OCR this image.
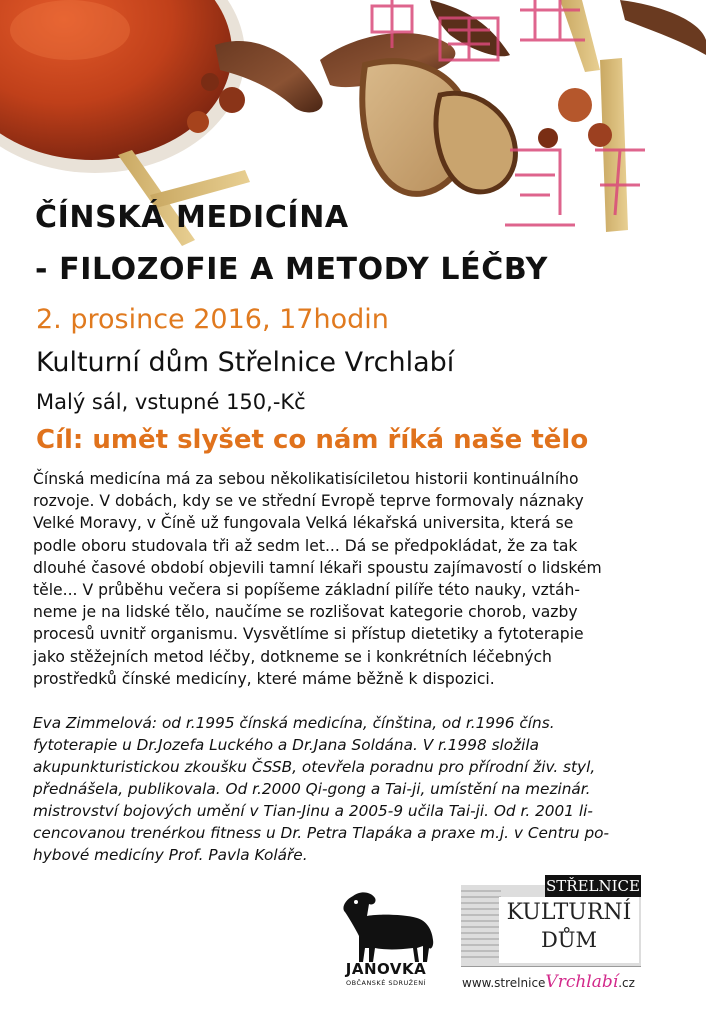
ČÍNSKÁ MEDICÍNA
- FILOZOFIE A METODY LÉČBY
2. prosince 2016, 17hodin
Kulturní dům Střelnice Vrchlabí
Malý sál, vstupné 150,-Kč
Cíl: umět slyšet co nám říká naše tělo

Čínská medicína má za sebou několikatisíciletou historii kontinuálního
rozvoje. V dobách, kdy se ve střední Evropě teprve formovaly náznaky
Velké Moravy, v Číně už fungovala Velká lékařská universita, která se
podle oboru studovala tři až sedm let... Dá se předpokládat, že za tak
dlouhé časové období objevili tamní lékaři spoustu zajímavostí o lidském
těle... V průběhu večera si popíšeme základní pilíře této nauky, vztáh-
neme je na lidské tělo, naučíme se rozlišovat kategorie chorob, vazby
procesů uvnitř organismu. Vysvětlíme si přístup dietetiky a fytoterapie
jako stěžejních metod léčby, dotkneme se i konkrétních léčebných
prostředků čínské medicíny, které máme běžně k dispozici.

Eva Zimmelová: od r.1995 čínská medicína, čínština, od r.1996 číns.
fytoterapie u Dr.Jozefa Luckého a Dr.Jana Soldána. V r.1998 složila
akupunkturistickou zkoušku ČSSB, otevřela poradnu pro přírodní živ. styl,
přednášela, publikovala. Od r.2000 Qi-gong a Tai-ji, umístění na mezinár.
mistrovství bojových umění v Tian-Jinu a 2005-9 učila Tai-ji. Od r. 2001 li-
cencovanou trenérkou fitness u Dr. Petra Tlapáka a praxe m.j. v Centru po-
hybové medicíny Prof. Pavla Koláře.

JANOVKA
OBČANSKÉ SDRUŽENÍ
STŘELNICE
KULTURNÍ
DŮM
www.strelniceVrchlabí.cz
